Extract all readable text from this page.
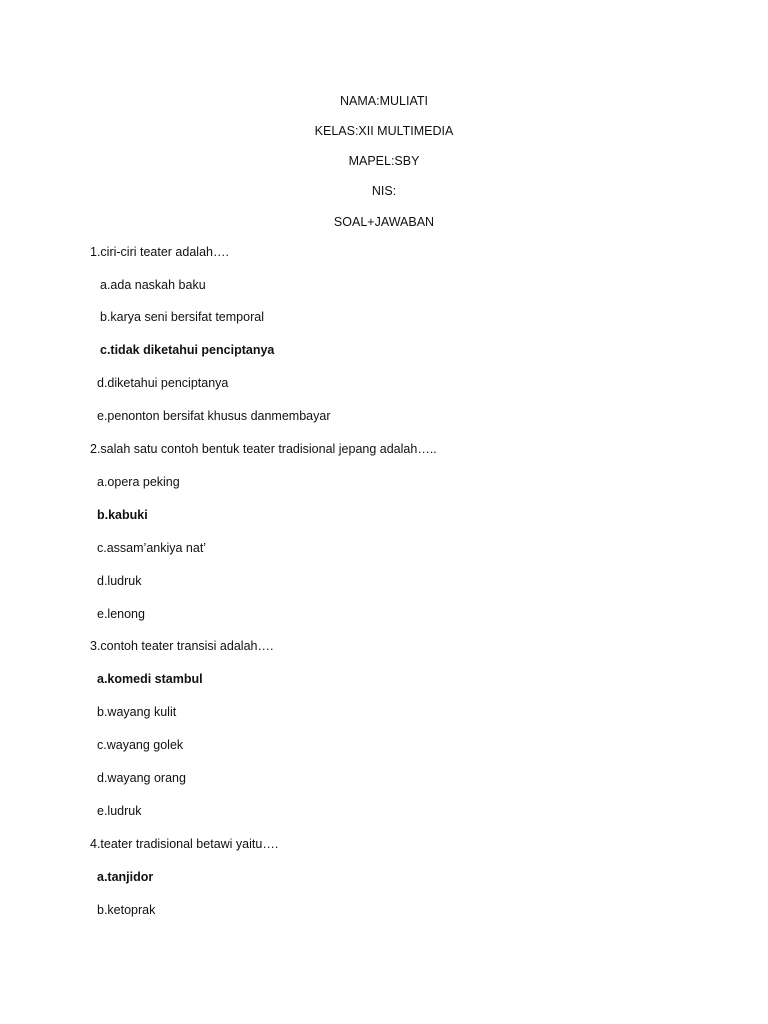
NAMA:MULIATI
KELAS:XII MULTIMEDIA
MAPEL:SBY
NIS:
SOAL+JAWABAN
1.ciri-ciri teater adalah….
a.ada naskah baku
b.karya seni bersifat temporal
c.tidak diketahui penciptanya
d.diketahui penciptanya
e.penonton bersifat khusus danmembayar
2.salah satu contoh bentuk teater tradisional jepang adalah…..
a.opera peking
b.kabuki
c.assam’ankiya nat’
d.ludruk
e.lenong
3.contoh teater transisi adalah….
a.komedi stambul
b.wayang kulit
c.wayang golek
d.wayang orang
e.ludruk
4.teater tradisional betawi yaitu….
a.tanjidor
b.ketoprak
